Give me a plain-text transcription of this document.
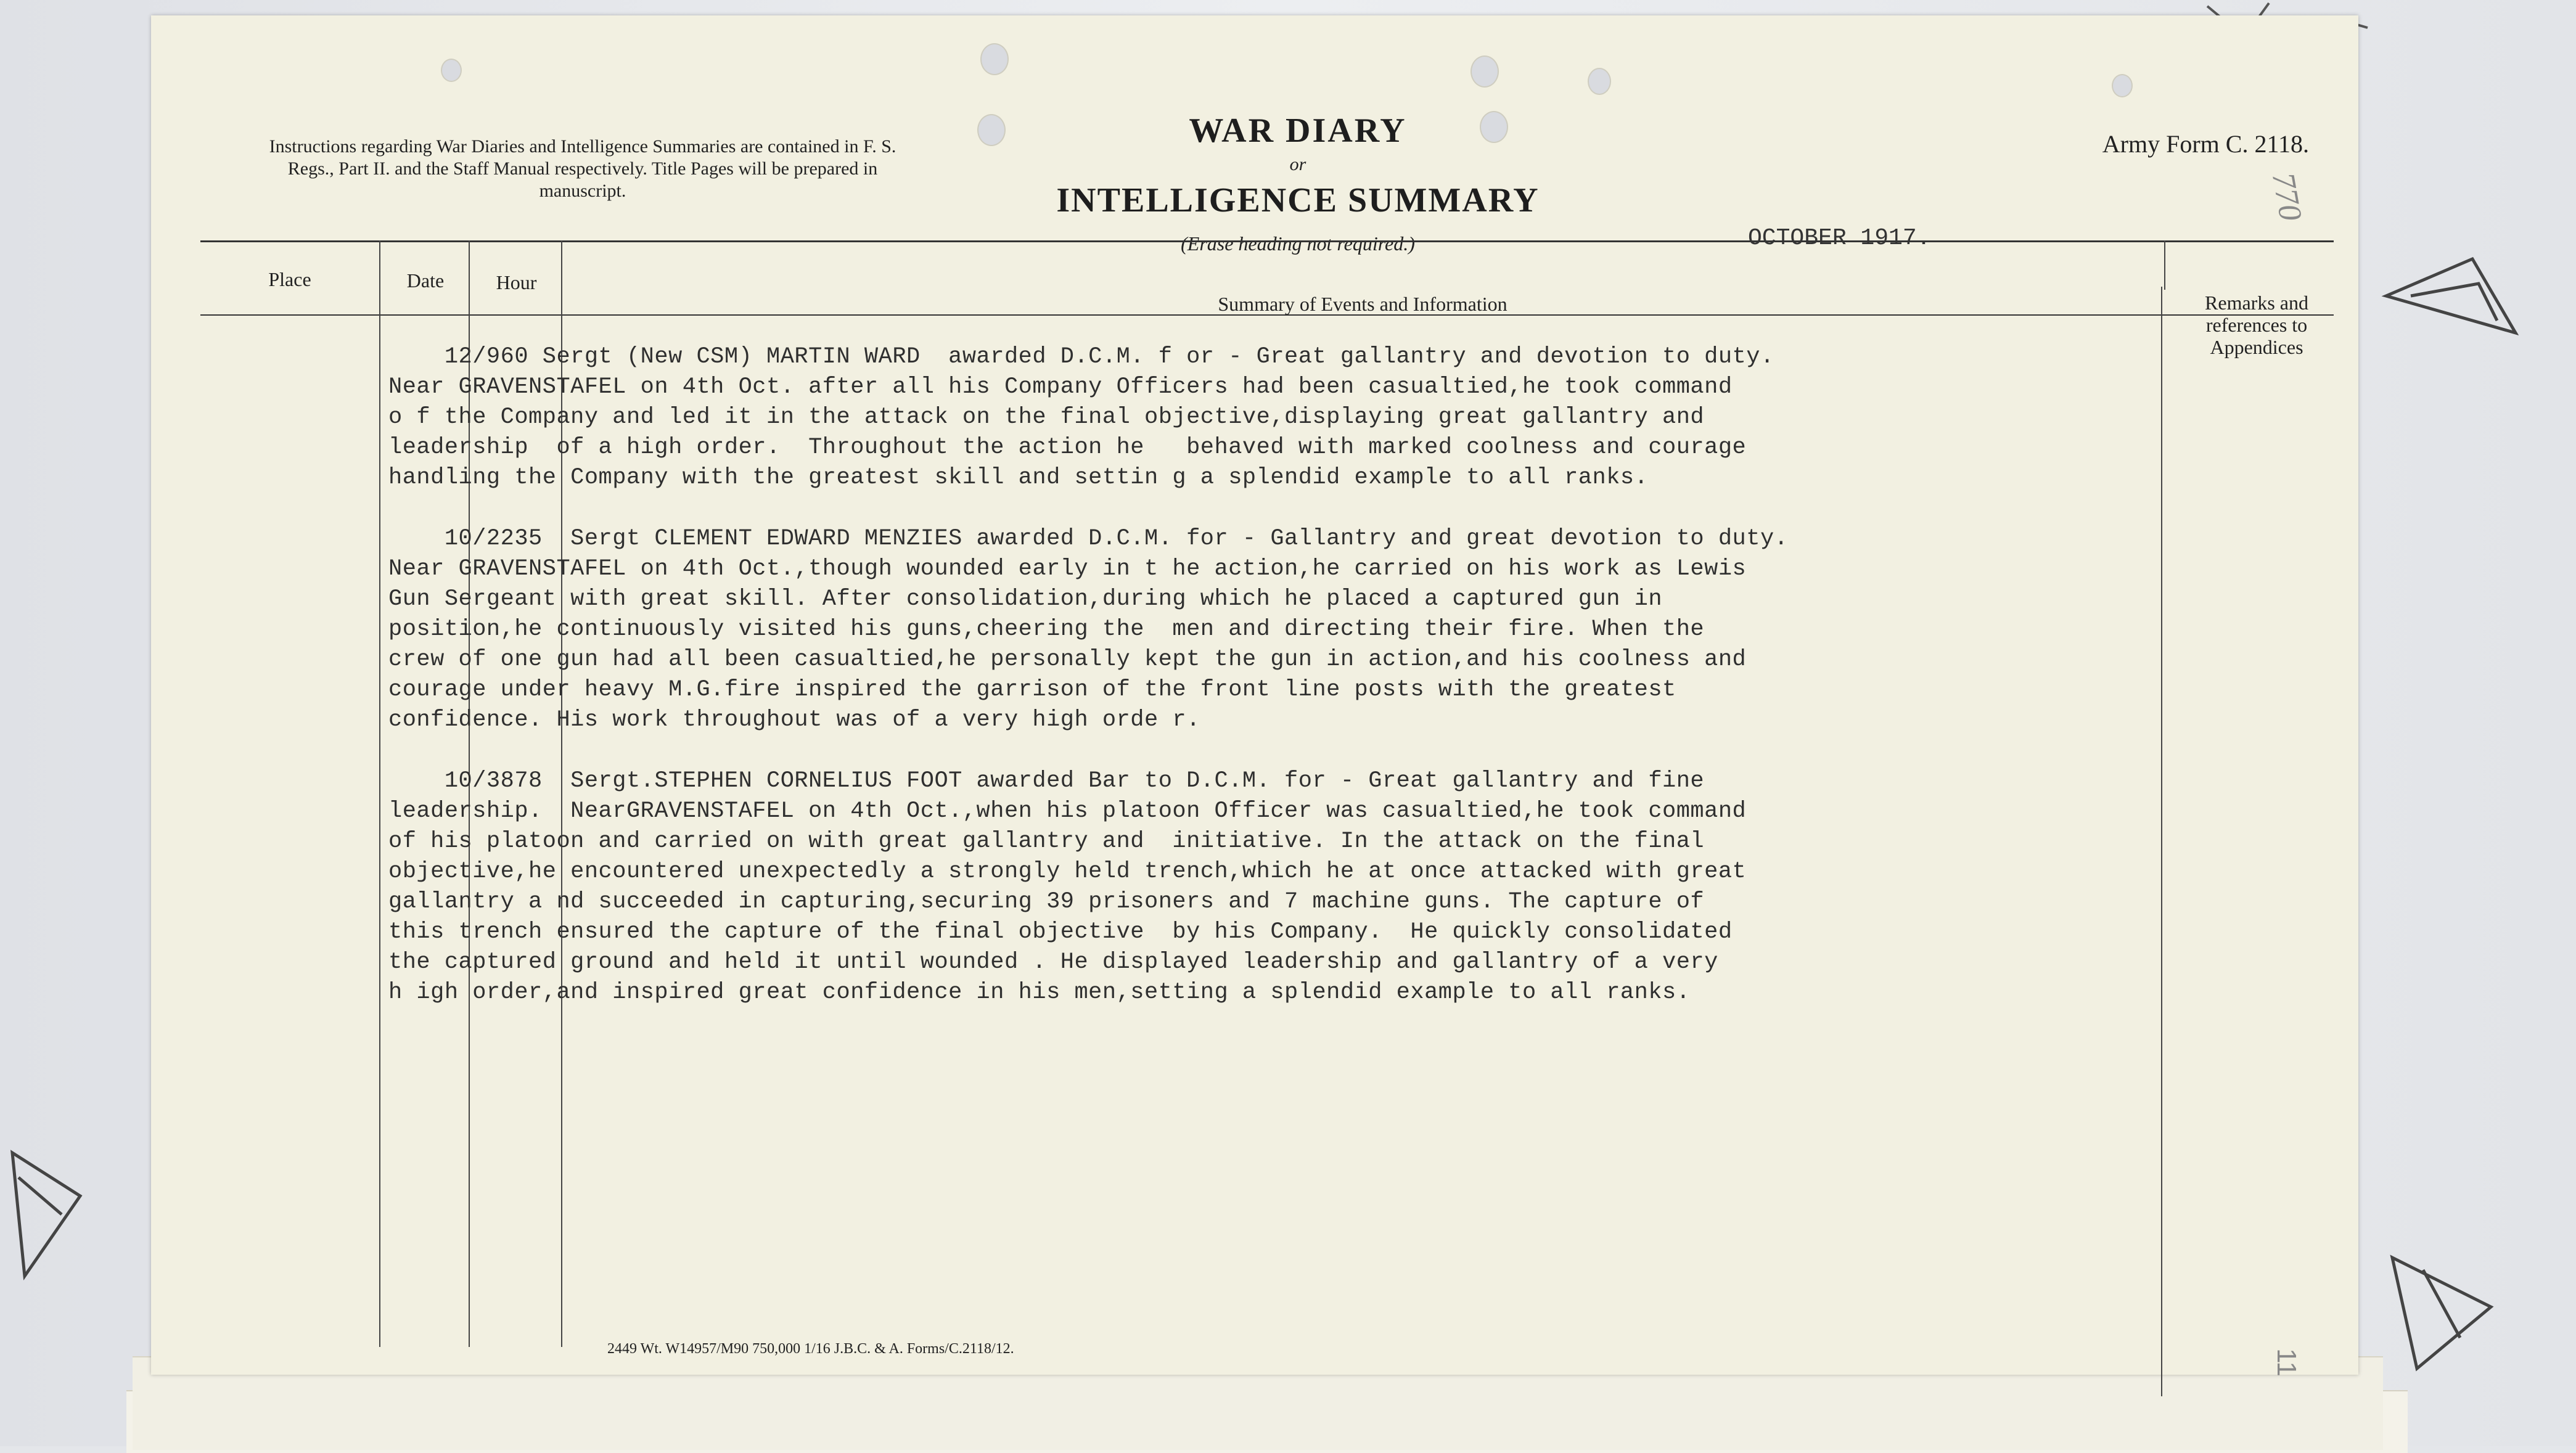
Instructions regarding War Diaries and Intelligence Summaries are contained in F. S. Regs., Part II. and the Staff Manual respectively. Title Pages will be prepared in manuscript.
WAR DIARY
or
INTELLIGENCE SUMMARY
(Erase heading not required.)
Army Form C. 2118.
OCTOBER 1917.
770
Place	Date	Hour
Summary of Events and Information	Remarks and
references to
Appendices
2449 Wt. W14957/M90 750,000 1/16 J.B.C. & A. Forms/C.2118/12.	11
12/960 Sergt (New CSM) MARTIN WARD  awarded D.C.M. f or - Great gallantry and devotion to duty.
Near GRAVENSTAFEL on 4th Oct. after all his Company Officers had been casualtied,he took command
o f the Company and led it in the attack on the final objective,displaying great gallantry and
leadership  of a high order.  Throughout the action he   behaved with marked coolness and courage
handling the Company with the greatest skill and settin g a splendid example to all ranks.
10/2235  Sergt CLEMENT EDWARD MENZIES awarded D.C.M. for - Gallantry and great devotion to duty.
Near GRAVENSTAFEL on 4th Oct.,though wounded early in t he action,he carried on his work as Lewis
Gun Sergeant with great skill. After consolidation,during which he placed a captured gun in
position,he continuously visited his guns,cheering the  men and directing their fire. When the
crew of one gun had all been casualtied,he personally kept the gun in action,and his coolness and
courage under heavy M.G.fire inspired the garrison of the front line posts with the greatest
confidence. His work throughout was of a very high orde r.
10/3878  Sergt.STEPHEN CORNELIUS FOOT awarded Bar to D.C.M. for - Great gallantry and fine
leadership.  NearGRAVENSTAFEL on 4th Oct.,when his platoon Officer was casualtied,he took command
of his platoon and carried on with great gallantry and  initiative. In the attack on the final
objective,he encountered unexpectedly a strongly held trench,which he at once attacked with great
gallantry a nd succeeded in capturing,securing 39 prisoners and 7 machine guns. The capture of
this trench ensured the capture of the final objective  by his Company.  He quickly consolidated
the captured ground and held it until wounded . He displayed leadership and gallantry of a very
h igh order,and inspired great confidence in his men,setting a splendid example to all ranks.
